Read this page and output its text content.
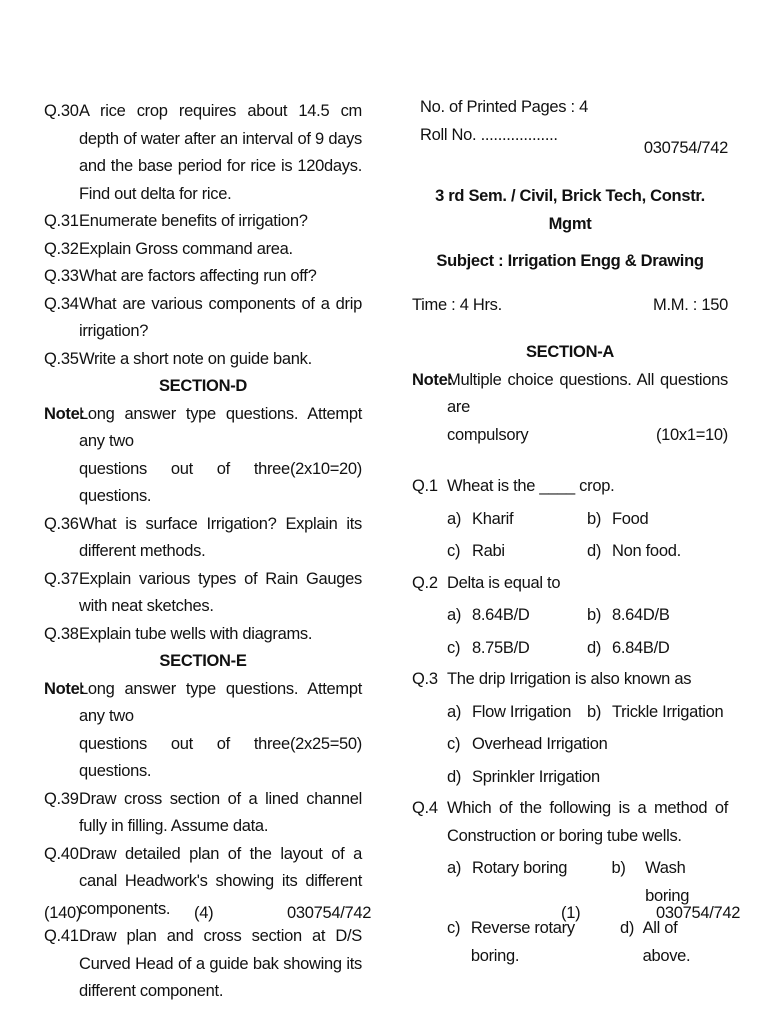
Q.30 A rice crop requires about 14.5 cm depth of water after an interval of 9 days and the base period for rice is 120days. Find out delta for rice.
Q.31 Enumerate benefits of irrigation?
Q.32 Explain Gross command area.
Q.33 What are factors affecting run off?
Q.34 What are various components of a drip irrigation?
Q.35 Write a short note on guide bank.
SECTION-D
Note:
Long answer type questions. Attempt any two
questions out of three questions.
(2x10=20)
Q.36 What is surface Irrigation? Explain its different methods.
Q.37 Explain various types of Rain Gauges with neat sketches.
Q.38 Explain tube wells with diagrams.
SECTION-E
Note:
Long answer type questions. Attempt any two
questions out of three questions.
(2x25=50)
Q.39 Draw cross section of a lined channel fully in filling. Assume data.
Q.40 Draw detailed plan of the layout of a canal Headwork's showing its different components.
Q.41 Draw plan and cross section at D/S Curved Head of a guide bak showing its different component.
(140)	(4)	030754/742
No. of Printed Pages : 4
Roll No. ..................
030754/742
3 rd Sem. / Civil, Brick Tech, Constr. Mgmt
Subject : Irrigation Engg & Drawing
Time : 4 Hrs.	M.M. : 150
SECTION-A
Note:
Multiple choice questions. All questions are
compulsory	(10x1=10)
Q.1 Wheat is the ____ crop.
a) Kharif	b) Food
c) Rabi	d) Non food.
Q.2 Delta is equal to
a) 8.64B/D	b) 8.64D/B
c) 8.75B/D	d) 6.84B/D
Q.3 The drip Irrigation is also known as
a) Flow Irrigation b) Trickle Irrigation
c) Overhead Irrigation
d) Sprinkler Irrigation
Q.4 Which of the following is a method of Construction or boring tube wells.
a) Rotary boring	b)	Wash boring
c) Reverse rotary boring.
d) All of above.
(1)	030754/742
